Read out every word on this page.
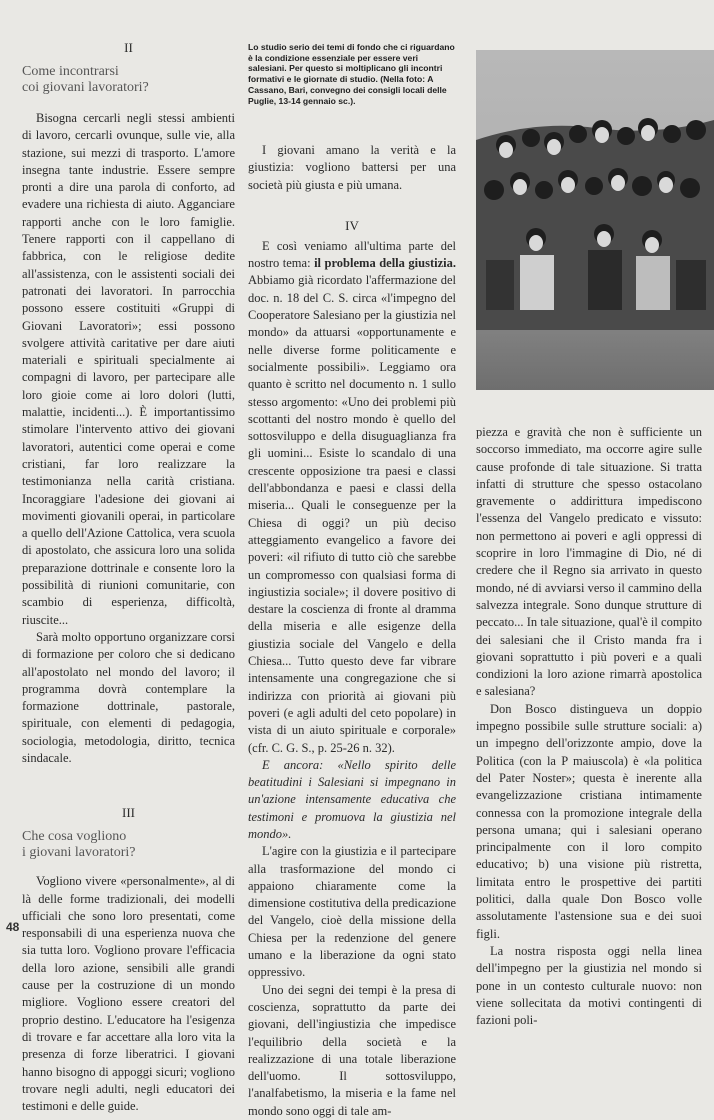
II

Come incontrarsi
coi giovani lavoratori?

Bisogna cercarli negli stessi ambienti di lavoro, cercarli ovunque, sulle vie, alla stazione, sui mezzi di trasporto. L'amore insegna tante industrie. Essere sempre pronti a dire una parola di conforto, ad evadere una richiesta di aiuto. Agganciare rapporti anche con le loro famiglie. Tenere rapporti con il cappellano di fabbrica, con le religiose dedite all'assistenza, con le assistenti sociali dei patronati dei lavoratori. In parrocchia possono essere costituiti «Gruppi di Giovani Lavoratori»; essi possono svolgere attività caritative per dare aiuti materiali e spirituali specialmente ai compagni di lavoro, per partecipare alle loro gioie come ai loro dolori (lutti, malattie, incidenti...). È importantissimo stimolare l'intervento attivo dei giovani lavoratori, autentici come operai e come cristiani, far loro realizzare la testimonianza nella carità cristiana. Incoraggiare l'adesione dei giovani ai movimenti giovanili operai, in particolare a quello dell'Azione Cattolica, vera scuola di apostolato, che assicura loro una solida preparazione dottrinale e consente loro la possibilità di riunioni comunitarie, con scambio di esperienza, difficoltà, riuscite...

Sarà molto opportuno organizzare corsi di formazione per coloro che si dedicano all'apostolato nel mondo del lavoro; il programma dovrà contemplare la formazione dottrinale, pastorale, spirituale, con elementi di pedagogia, sociologia, metodologia, diritto, tecnica sindacale.

III

Che cosa vogliono
i giovani lavoratori?

Vogliono vivere «personalmente», al di là delle forme tradizionali, dei modelli ufficiali che sono loro presentati, come responsabili di una esperienza nuova che sia tutta loro. Vogliono provare l'efficacia della loro azione, sensibili alle grandi cause per la costruzione di un mondo migliore. Vogliono essere creatori del proprio destino. L'educatore ha l'esigenza di trovare e far accettare alla loro vita la presenza di forze liberatrici. I giovani hanno bisogno di appoggi sicuri; vogliono trovare negli adulti, negli educatori dei testimoni e delle guide.

48

Lo studio serio dei temi di fondo che ci riguardano è la condizione essenziale per essere veri salesiani. Per questo si moltiplicano gli incontri formativi e le giornate di studio. (Nella foto: A Cassano, Bari, convegno dei consigli locali delle Puglie, 13-14 gennaio sc.).

I giovani amano la verità e la giustizia: vogliono battersi per una società più giusta e più umana.

IV

E così veniamo all'ultima parte del nostro tema: il problema della giustizia. Abbiamo già ricordato l'affermazione del doc. n. 18 del C. S. circa «l'impegno del Cooperatore Salesiano per la giustizia nel mondo» da attuarsi «opportunamente e nelle diverse forme politicamente e socialmente possibili». Leggiamo ora quanto è scritto nel documento n. 1 sullo stesso argomento: «Uno dei problemi più scottanti del nostro mondo è quello del sottosviluppo e della disuguaglianza fra gli uomini... Esiste lo scandalo di una crescente opposizione tra paesi e classi dell'abbondanza e paesi e classi della miseria... Quali le conseguenze per la Chiesa di oggi? un più deciso atteggiamento evangelico a favore dei poveri: «il rifiuto di tutto ciò che sarebbe un compromesso con qualsiasi forma di ingiustizia sociale»; il dovere positivo di destare la coscienza di fronte al dramma della miseria e alle esigenze della giustizia sociale del Vangelo e della Chiesa... Tutto questo deve far vibrare intensamente una congregazione che si indirizza con priorità ai giovani più poveri (e agli adulti del ceto popolare) in vista di un aiuto spirituale e corporale» (cfr. C. G. S., p. 25-26 n. 32).

E ancora: «Nello spirito delle beatitudini i Salesiani si impegnano in un'azione intensamente educativa che testimoni e promuova la giustizia nel mondo».

L'agire con la giustizia e il partecipare alla trasformazione del mondo ci appaiono chiaramente come la dimensione costitutiva della predicazione del Vangelo, cioè della missione della Chiesa per la redenzione del genere umano e la liberazione da ogni stato oppressivo.

Uno dei segni dei tempi è la presa di coscienza, soprattutto da parte dei giovani, dell'ingiustizia che impedisce l'equilibrio della società e la realizzazione di una totale liberazione dell'uomo. Il sottosviluppo, l'analfabetismo, la miseria e la fame nel mondo sono oggi di tale am-

piezza e gravità che non è sufficiente un soccorso immediato, ma occorre agire sulle cause profonde di tale situazione. Si tratta infatti di strutture che spesso ostacolano gravemente o addirittura impediscono l'essenza del Vangelo predicato e vissuto: non permettono ai poveri e agli oppressi di scoprire in loro l'immagine di Dio, né di credere che il Regno sia arrivato in questo mondo, né di avviarsi verso il cammino della salvezza integrale. Sono dunque strutture di peccato... In tale situazione, qual'è il compito dei salesiani che il Cristo manda fra i giovani soprattutto i più poveri e a quali condizioni la loro azione rimarrà apostolica e salesiana?

Don Bosco distingueva un doppio impegno possibile sulle strutture sociali: a) un impegno dell'orizzonte ampio, dove la Politica (con la P maiuscola) è «la politica del Pater Noster»; questa è inerente alla evangelizzazione cristiana intimamente connessa con la promozione integrale della persona umana; qui i salesiani operano principalmente con il loro compito educativo; b) una visione più ristretta, limitata entro le prospettive dei partiti politici, dalla quale Don Bosco volle assolutamente l'astensione sua e dei suoi figli.

La nostra risposta oggi nella linea dell'impegno per la giustizia nel mondo si pone in un contesto culturale nuovo: non viene sollecitata da motivi contingenti di fazioni poli-
